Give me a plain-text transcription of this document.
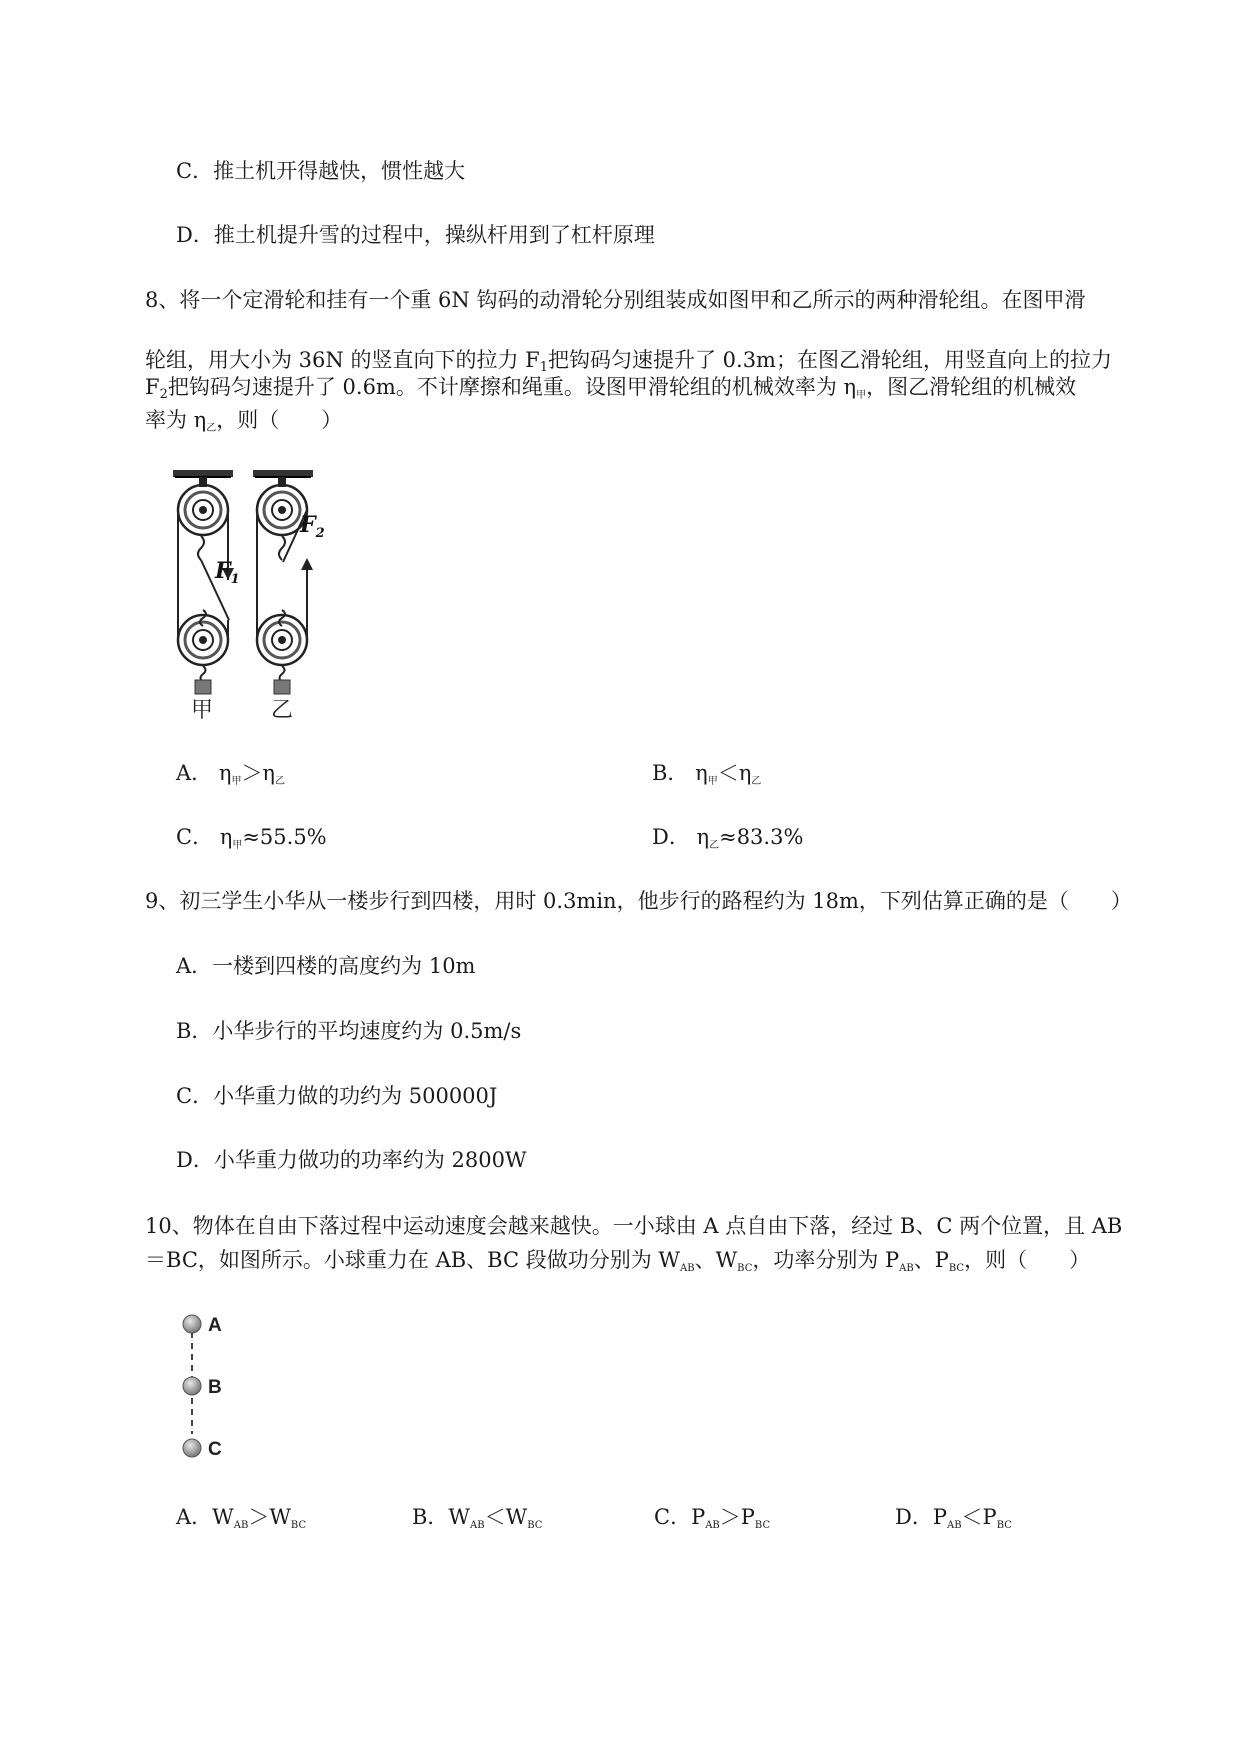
C．推土机开得越快，惯性越大
D．推土机提升雪的过程中，操纵杆用到了杠杆原理
8、将一个定滑轮和挂有一个重 6N 钩码的动滑轮分别组装成如图甲和乙所示的两种滑轮组。在图甲滑
轮组，用大小为 36N 的竖直向下的拉力 F1把钩码匀速提升了 0.3m；在图乙滑轮组，用竖直向上的拉力
F2把钩码匀速提升了 0.6m。不计摩擦和绳重。设图甲滑轮组的机械效率为 $\eta_甲$，图乙滑轮组的机械效
率为 $\eta_乙$，则（　　）
$F_1$
$F_2$
甲	乙
A． $\eta_甲>\eta_乙$	B． $\eta_甲<\eta_乙$
C． $\eta_甲\approx 55.5\%$	D． $\eta_乙\approx 83.3\%$
9、初三学生小华从一楼步行到四楼，用时 0.3min，他步行的路程约为 18m，下列估算正确的是（　　）
A．一楼到四楼的高度约为 10m
B．小华步行的平均速度约为 0.5m/s
C．小华重力做的功约为 500000J
D．小华重力做功的功率约为 2800W
10、物体在自由下落过程中运动速度会越来越快。一小球由 A 点自由下落，经过 B、C 两个位置，且 AB
＝BC，如图所示。小球重力在 AB、BC 段做功分别为 $W_{AB}$、$W_{BC}$，功率分别为 $P_{AB}$、$P_{BC}$，则（　　）
A
B
C
A．$W_{AB}>W_{BC}$	B．$W_{AB}<W_{BC}$	C．$P_{AB}>P_{BC}$	D．$P_{AB}<P_{BC}$
